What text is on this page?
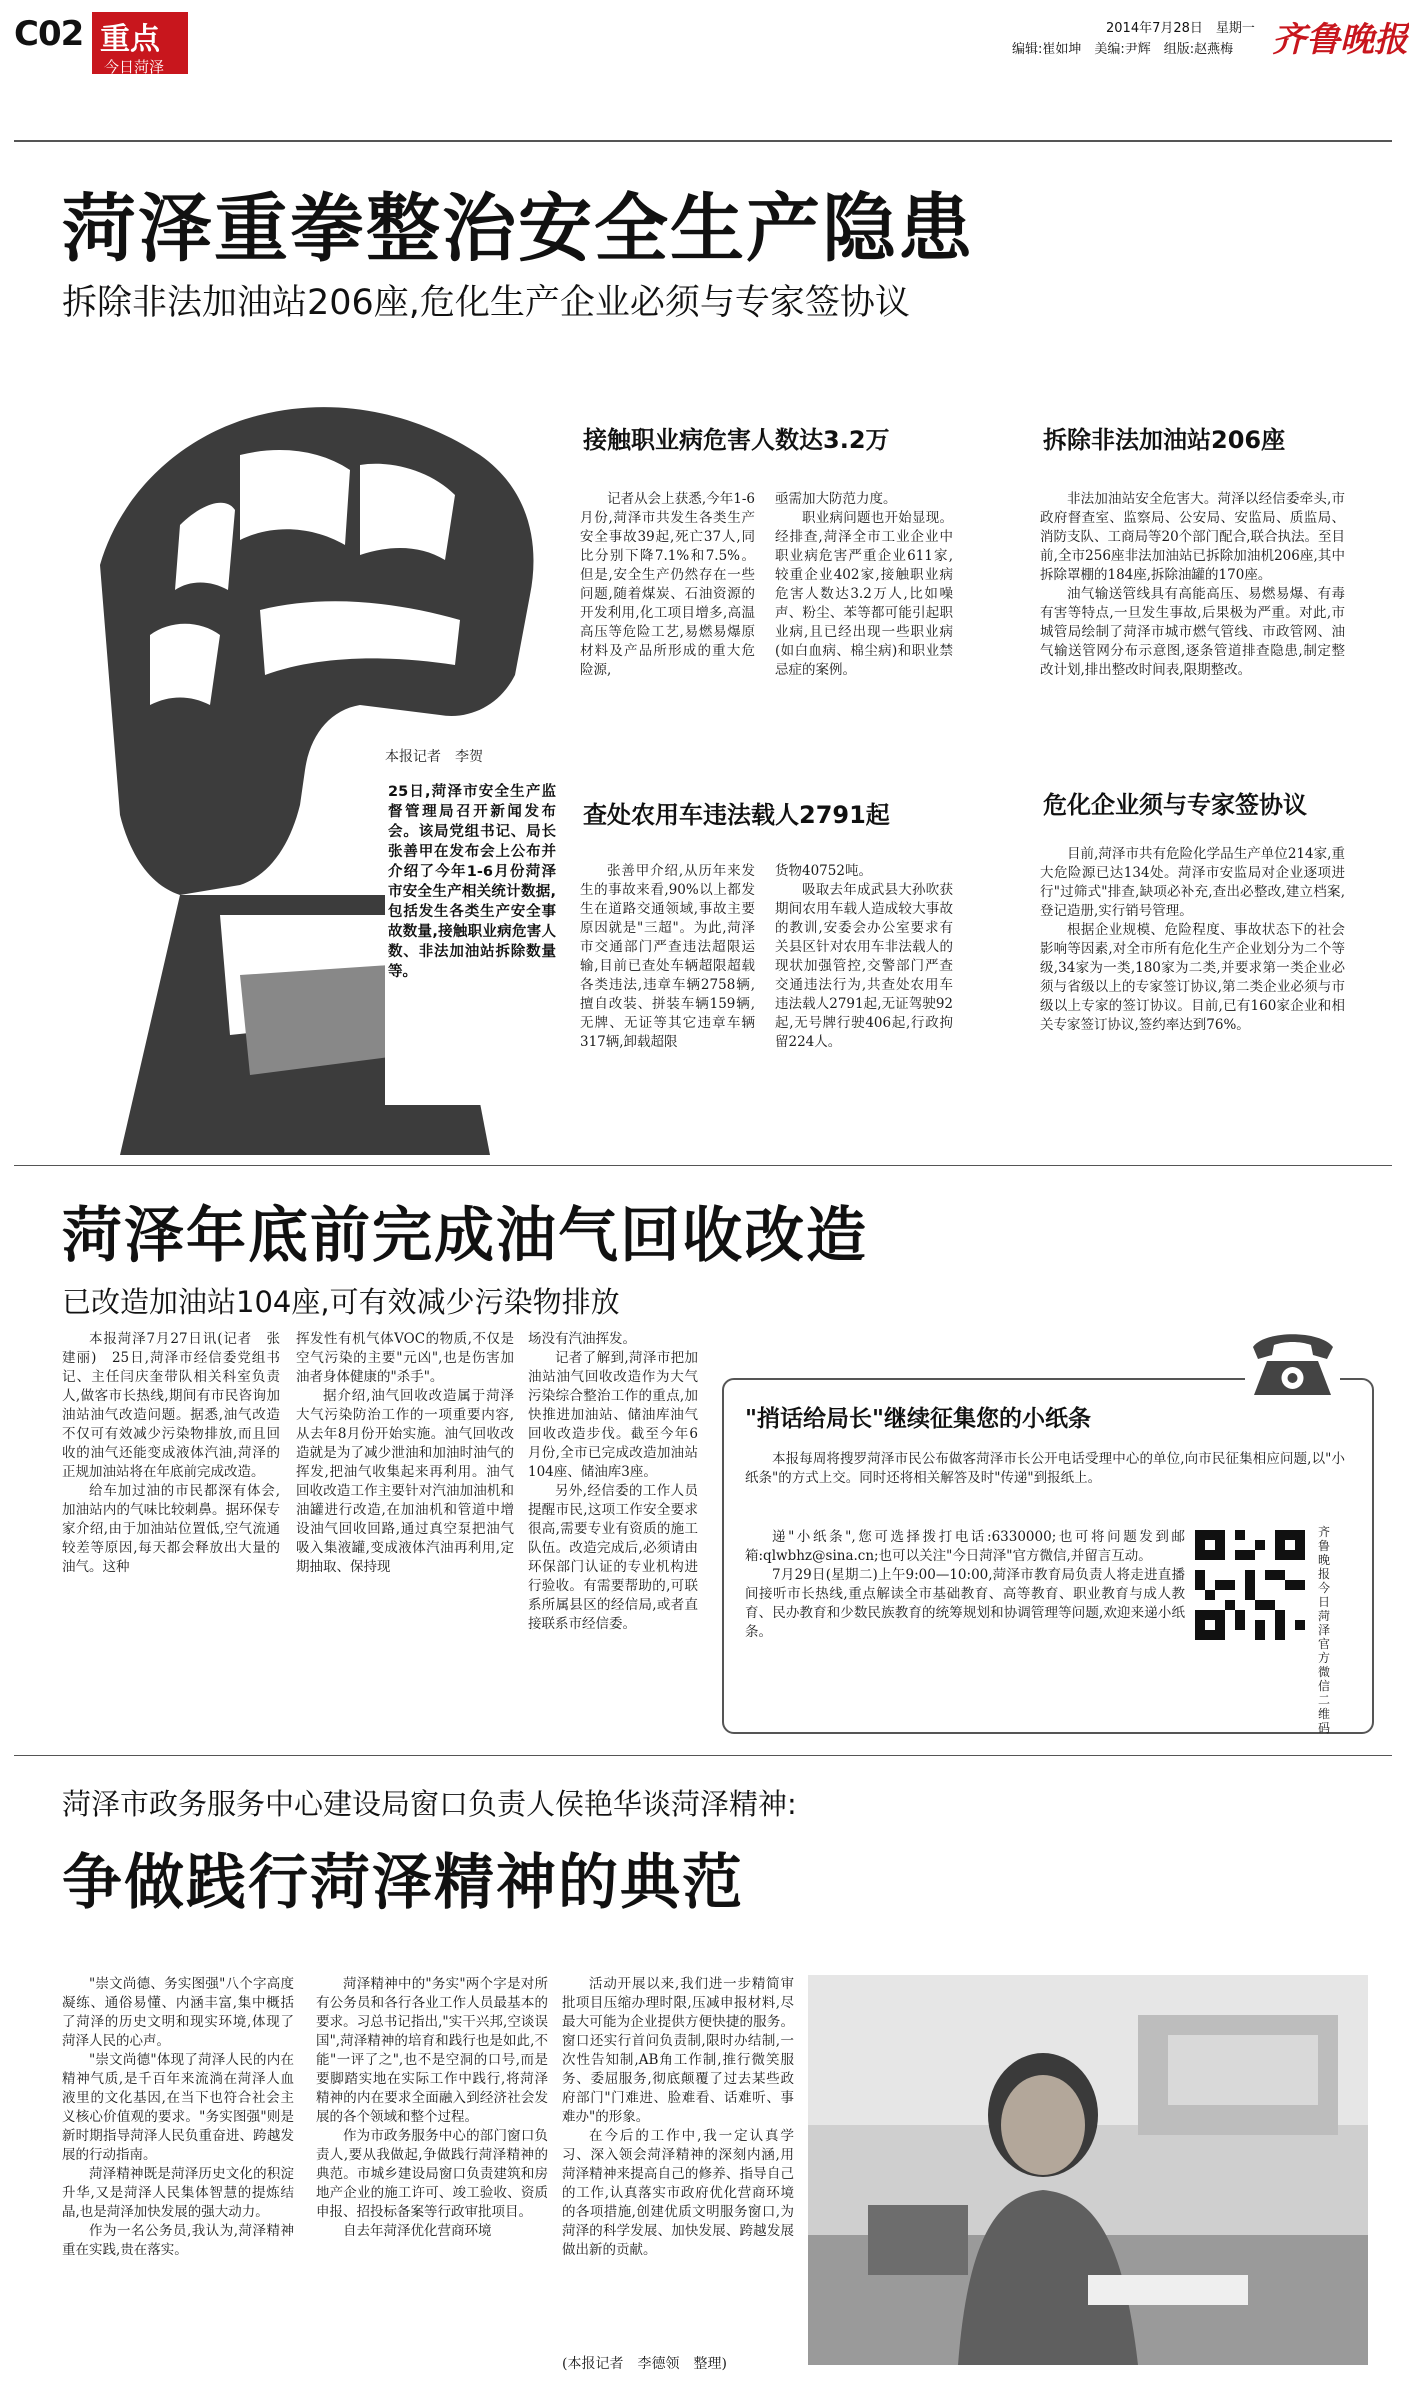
C02 重点
今日菏泽
2014年7月28日　星期一
编辑:崔如坤　美编:尹辉　组版:赵燕梅 齐鲁晚报
菏泽重拳整治安全生产隐患
拆除非法加油站206座,危化生产企业必须与专家签协议
本报记者　李贺
25日,菏泽市安全生产监督管理局召开新闻发布会。该局党组书记、局长张善甲在发布会上公布并介绍了今年1-6月份菏泽市安全生产相关统计数据,包括发生各类生产安全事故数量,接触职业病危害人数、非法加油站拆除数量等。
接触职业病危害人数达3.2万	拆除非法加油站206座
查处农用车违法载人2791起	危化企业须与专家签协议

记者从会上获悉,今年1-6月份,菏泽市共发生各类生产安全事故39起,死亡37人,同比分别下降7.1%和7.5%。但是,安全生产仍然存在一些问题,随着煤炭、石油资源的开发利用,化工项目增多,高温高压等危险工艺,易燃易爆原材料及产品所形成的重大危险源,

亟需加大防范力度。

职业病问题也开始显现。经排查,菏泽全市工业企业中职业病危害严重企业611家,较重企业402家,接触职业病危害人数达3.2万人,比如噪声、粉尘、苯等都可能引起职业病,且已经出现一些职业病(如白血病、棉尘病)和职业禁忌症的案例。

非法加油站安全危害大。菏泽以经信委牵头,市政府督查室、监察局、公安局、安监局、质监局、消防支队、工商局等20个部门配合,联合执法。至目前,全市256座非法加油站已拆除加油机206座,其中拆除罩棚的184座,拆除油罐的170座。

油气输送管线具有高能高压、易燃易爆、有毒有害等特点,一旦发生事故,后果极为严重。对此,市城管局绘制了菏泽市城市燃气管线、市政管网、油气输送管网分布示意图,逐条管道排查隐患,制定整改计划,排出整改时间表,限期整改。

张善甲介绍,从历年来发生的事故来看,90%以上都发生在道路交通领域,事故主要原因就是"三超"。为此,菏泽市交通部门严查违法超限运输,目前已查处车辆超限超载各类违法,违章车辆2758辆,擅自改装、拼装车辆159辆,无牌、无证等其它违章车辆317辆,卸载超限

货物40752吨。

吸取去年成武县大孙吹获期间农用车载人造成较大事故的教训,安委会办公室要求有关县区针对农用车非法载人的现状加强管控,交警部门严查交通违法行为,共查处农用车违法载人2791起,无证驾驶92起,无号牌行驶406起,行政拘留224人。

目前,菏泽市共有危险化学品生产单位214家,重大危险源已达134处。菏泽市安监局对企业逐项进行"过筛式"排查,缺项必补充,查出必整改,建立档案,登记造册,实行销号管理。

根据企业规模、危险程度、事故状态下的社会影响等因素,对全市所有危化生产企业划分为二个等级,34家为一类,180家为二类,并要求第一类企业必须与省级以上的专家签订协议,第二类企业必须与市级以上专家的签订协议。目前,已有160家企业和相关专家签订协议,签约率达到76%。

菏泽年底前完成油气回收改造
已改造加油站104座,可有效减少污染物排放

本报菏泽7月27日讯(记者　张建丽)　25日,菏泽市经信委党组书记、主任闫庆奎带队相关科室负责人,做客市长热线,期间有市民咨询加油站油气改造问题。据悉,油气改造不仅可有效减少污染物排放,而且回收的油气还能变成液体汽油,菏泽的正规加油站将在年底前完成改造。

给车加过油的市民都深有体会,加油站内的气味比较刺鼻。据环保专家介绍,由于加油站位置低,空气流通较差等原因,每天都会释放出大量的油气。这种

挥发性有机气体VOC的物质,不仅是空气污染的主要"元凶",也是伤害加油者身体健康的"杀手"。

据介绍,油气回收改造属于菏泽大气污染防治工作的一项重要内容,从去年8月份开始实施。油气回收改造就是为了减少泄油和加油时油气的挥发,把油气收集起来再利用。油气回收改造工作主要针对汽油加油机和油罐进行改造,在加油机和管道中增设油气回收回路,通过真空泵把油气吸入集液罐,变成液体汽油再利用,定期抽取、保持现

场没有汽油挥发。

记者了解到,菏泽市把加油站油气回收改造作为大气污染综合整治工作的重点,加快推进加油站、储油库油气回收改造步伐。截至今年6月份,全市已完成改造加油站104座、储油库3座。

另外,经信委的工作人员提醒市民,这项工作安全要求很高,需要专业有资质的施工队伍。改造完成后,必须请由环保部门认证的专业机构进行验收。有需要帮助的,可联系所属县区的经信局,或者直接联系市经信委。

"捎话给局长"继续征集您的小纸条

本报每周将搜罗菏泽市民公布做客菏泽市长公开电话受理中心的单位,向市民征集相应问题,以"小纸条"的方式上交。同时还将相关解答及时"传递"到报纸上。

递"小纸条",您可选择拨打电话:6330000;也可将问题发到邮箱:qlwbhz@sina.cn;也可以关注"今日菏泽"官方微信,并留言互动。

7月29日(星期二)上午9:00—10:00,菏泽市教育局负责人将走进直播间接听市长热线,重点解读全市基础教育、高等教育、职业教育与成人教育、民办教育和少数民族教育的统筹规划和协调管理等问题,欢迎来递小纸条。

齐鲁晚报今日菏泽官方微信二维码
菏泽市政务服务中心建设局窗口负责人侯艳华谈菏泽精神:
争做践行菏泽精神的典范

"崇文尚德、务实图强"八个字高度凝练、通俗易懂、内涵丰富,集中概括了菏泽的历史文明和现实环境,体现了菏泽人民的心声。

"崇文尚德"体现了菏泽人民的内在精神气质,是千百年来流淌在菏泽人血液里的文化基因,在当下也符合社会主义核心价值观的要求。"务实图强"则是新时期指导菏泽人民负重奋进、跨越发展的行动指南。

菏泽精神既是菏泽历史文化的积淀升华,又是菏泽人民集体智慧的提炼结晶,也是菏泽加快发展的强大动力。

作为一名公务员,我认为,菏泽精神重在实践,贵在落实。

菏泽精神中的"务实"两个字是对所有公务员和各行各业工作人员最基本的要求。习总书记指出,"实干兴邦,空谈误国",菏泽精神的培育和践行也是如此,不能"一评了之",也不是空洞的口号,而是要脚踏实地在实际工作中践行,将菏泽精神的内在要求全面融入到经济社会发展的各个领域和整个过程。

作为市政务服务中心的部门窗口负责人,要从我做起,争做践行菏泽精神的典范。市城乡建设局窗口负责建筑和房地产企业的施工许可、竣工验收、资质申报、招投标备案等行政审批项目。

自去年菏泽优化营商环境

活动开展以来,我们进一步精简审批项目压缩办理时限,压减申报材料,尽最大可能为企业提供方便快捷的服务。窗口还实行首问负责制,限时办结制,一次性告知制,AB角工作制,推行微笑服务、委屈服务,彻底颠覆了过去某些政府部门"门难进、脸难看、话难听、事难办"的形象。

在今后的工作中,我一定认真学习、深入领会菏泽精神的深刻内涵,用菏泽精神来提高自己的修养、指导自己的工作,认真落实市政府优化营商环境的各项措施,创建优质文明服务窗口,为菏泽的科学发展、加快发展、跨越发展做出新的贡献。

(本报记者　李德领　整理)
